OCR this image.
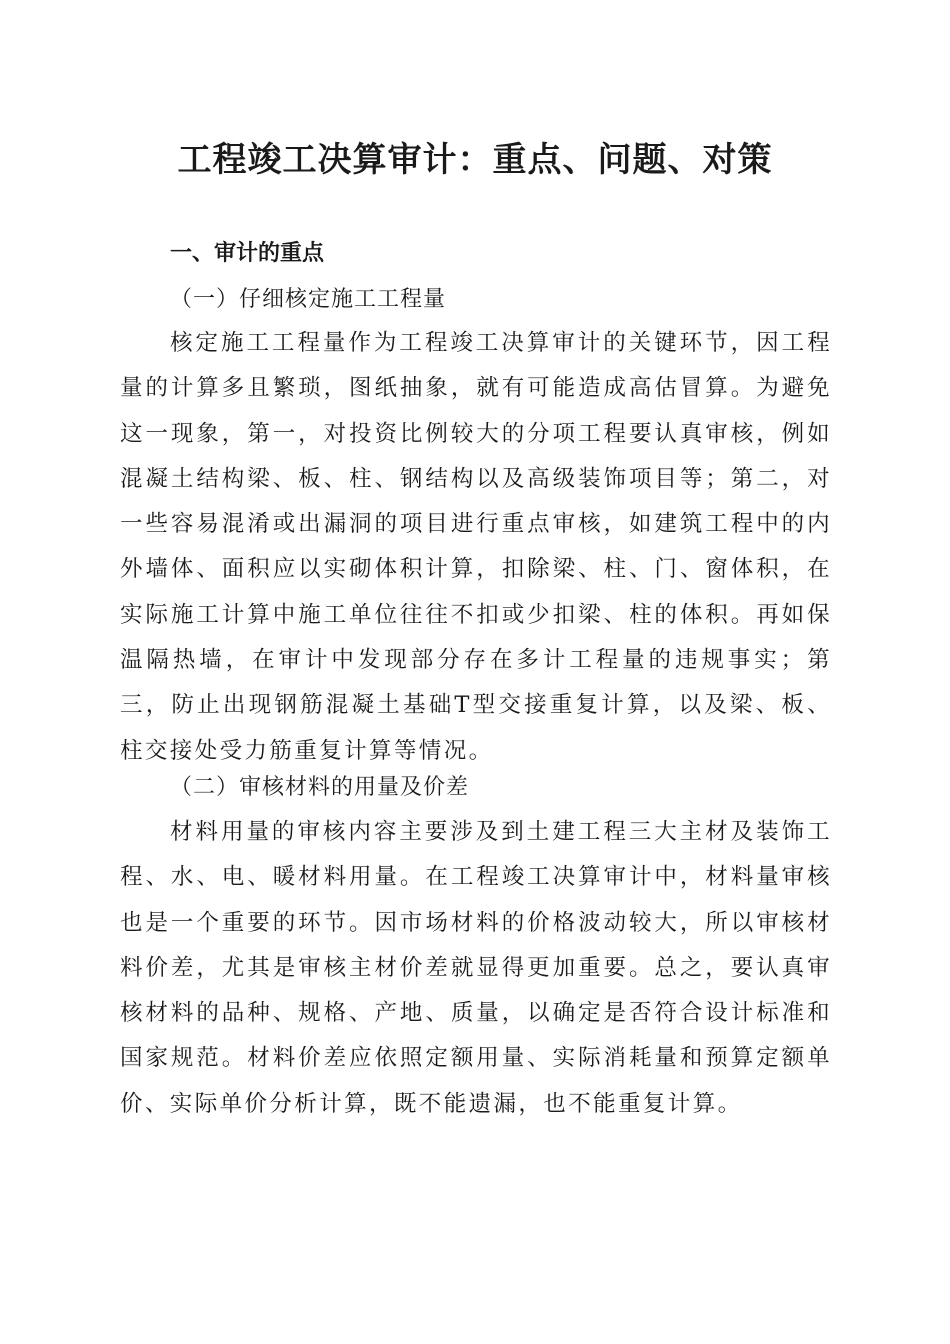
工程竣工决算审计：重点、问题、对策
一、审计的重点
（一）仔细核定施工工程量

核定施工工程量作为工程竣工决算审计的关键环节，因工程量的计算多且繁琐，图纸抽象，就有可能造成高估冒算。为避免这一现象，第一，对投资比例较大的分项工程要认真审核，例如混凝土结构梁、板、柱、钢结构以及高级装饰项目等；第二，对一些容易混淆或出漏洞的项目进行重点审核，如建筑工程中的内外墙体、面积应以实砌体积计算，扣除梁、柱、门、窗体积，在实际施工计算中施工单位往往不扣或少扣梁、柱的体积。再如保温隔热墙，在审计中发现部分存在多计工程量的违规事实；第三，防止出现钢筋混凝土基础T型交接重复计算，以及梁、板、柱交接处受力筋重复计算等情况。

（二）审核材料的用量及价差

材料用量的审核内容主要涉及到土建工程三大主材及装饰工程、水、电、暖材料用量。在工程竣工决算审计中，材料量审核也是一个重要的环节。因市场材料的价格波动较大，所以审核材料价差，尤其是审核主材价差就显得更加重要。总之，要认真审核材料的品种、规格、产地、质量，以确定是否符合设计标准和国家规范。材料价差应依照定额用量、实际消耗量和预算定额单价、实际单价分析计算，既不能遗漏，也不能重复计算。
